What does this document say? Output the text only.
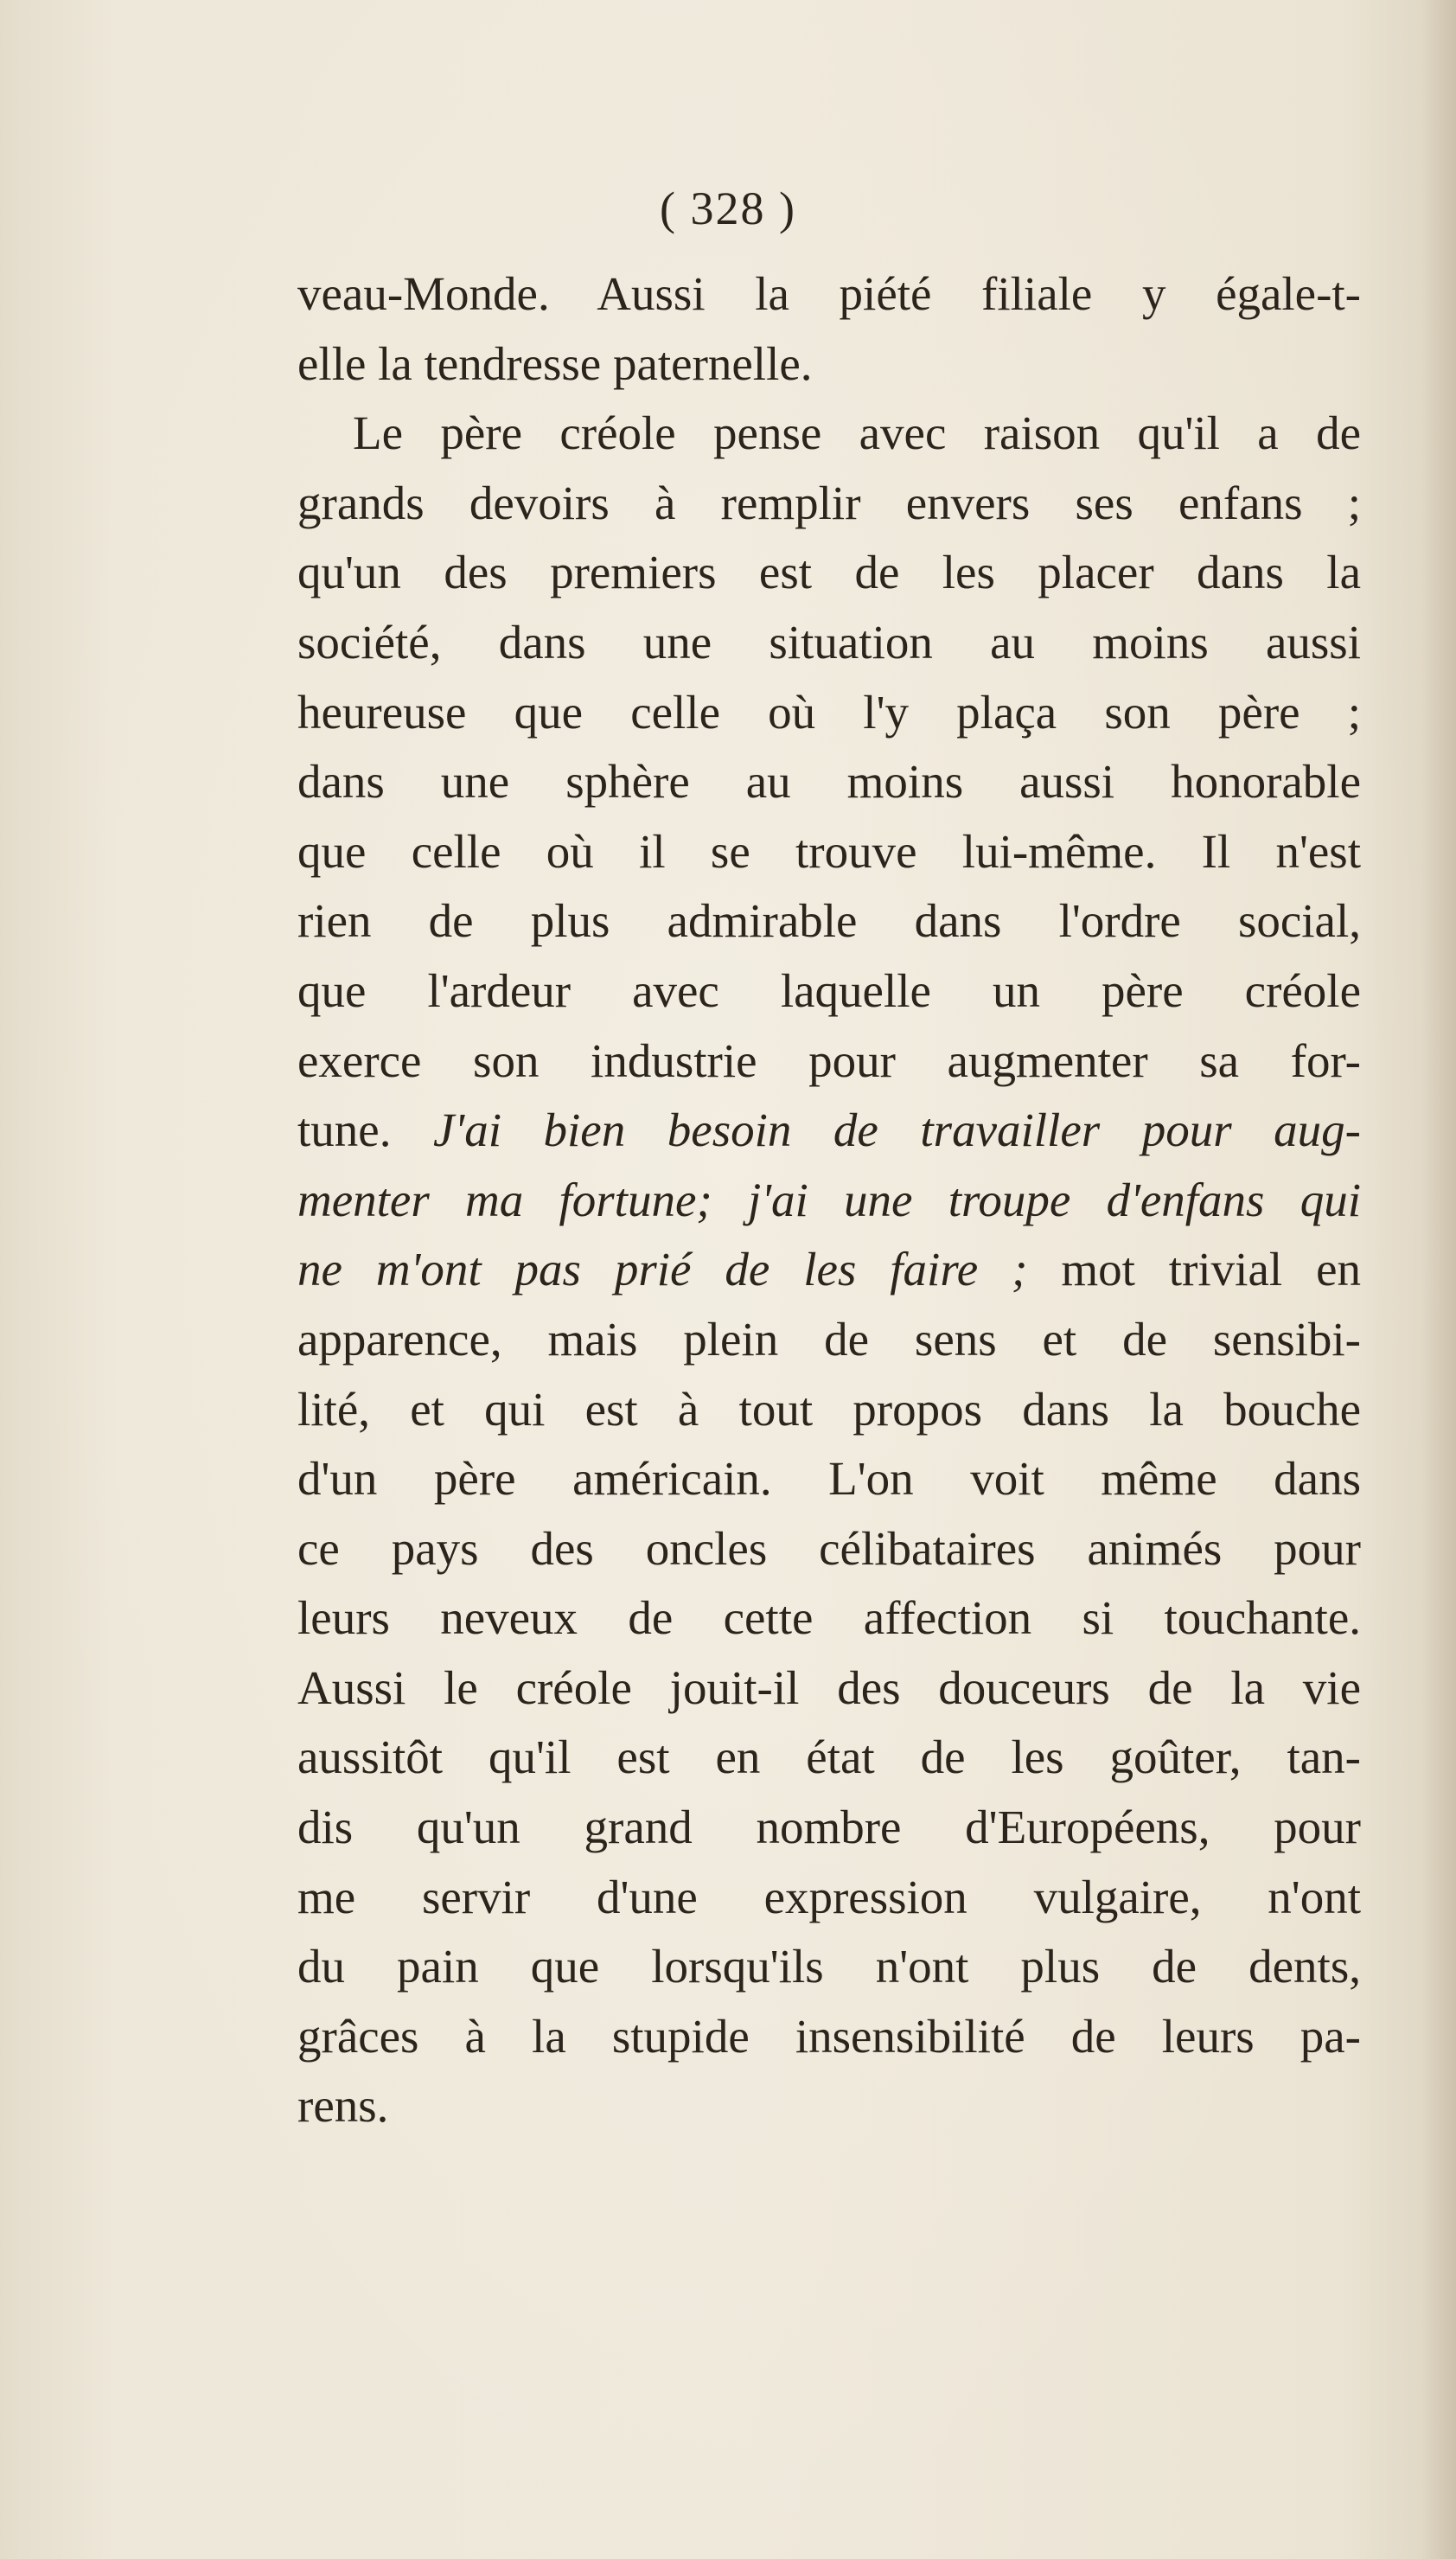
( 328 )
veau-Monde. Aussi la piété filiale y égale-t-
elle la tendresse paternelle.
Le père créole pense avec raison qu'il a de
grands devoirs à remplir envers ses enfans ;
qu'un des premiers est de les placer dans la
société, dans une situation au moins aussi
heureuse que celle où l'y plaça son père ;
dans une sphère au moins aussi honorable
que celle où il se trouve lui-même. Il n'est
rien de plus admirable dans l'ordre social,
que l'ardeur avec laquelle un père créole
exerce son industrie pour augmenter sa for-
tune. J'ai bien besoin de travailler pour aug-
menter ma fortune; j'ai une troupe d'enfans qui
ne m'ont pas prié de les faire ; mot trivial en
apparence, mais plein de sens et de sensibi-
lité, et qui est à tout propos dans la bouche
d'un père américain. L'on voit même dans
ce pays des oncles célibataires animés pour
leurs neveux de cette affection si touchante.
Aussi le créole jouit-il des douceurs de la vie
aussitôt qu'il est en état de les goûter, tan-
dis qu'un grand nombre d'Européens, pour
me servir d'une expression vulgaire, n'ont
du pain que lorsqu'ils n'ont plus de dents,
grâces à la stupide insensibilité de leurs pa-
rens.
